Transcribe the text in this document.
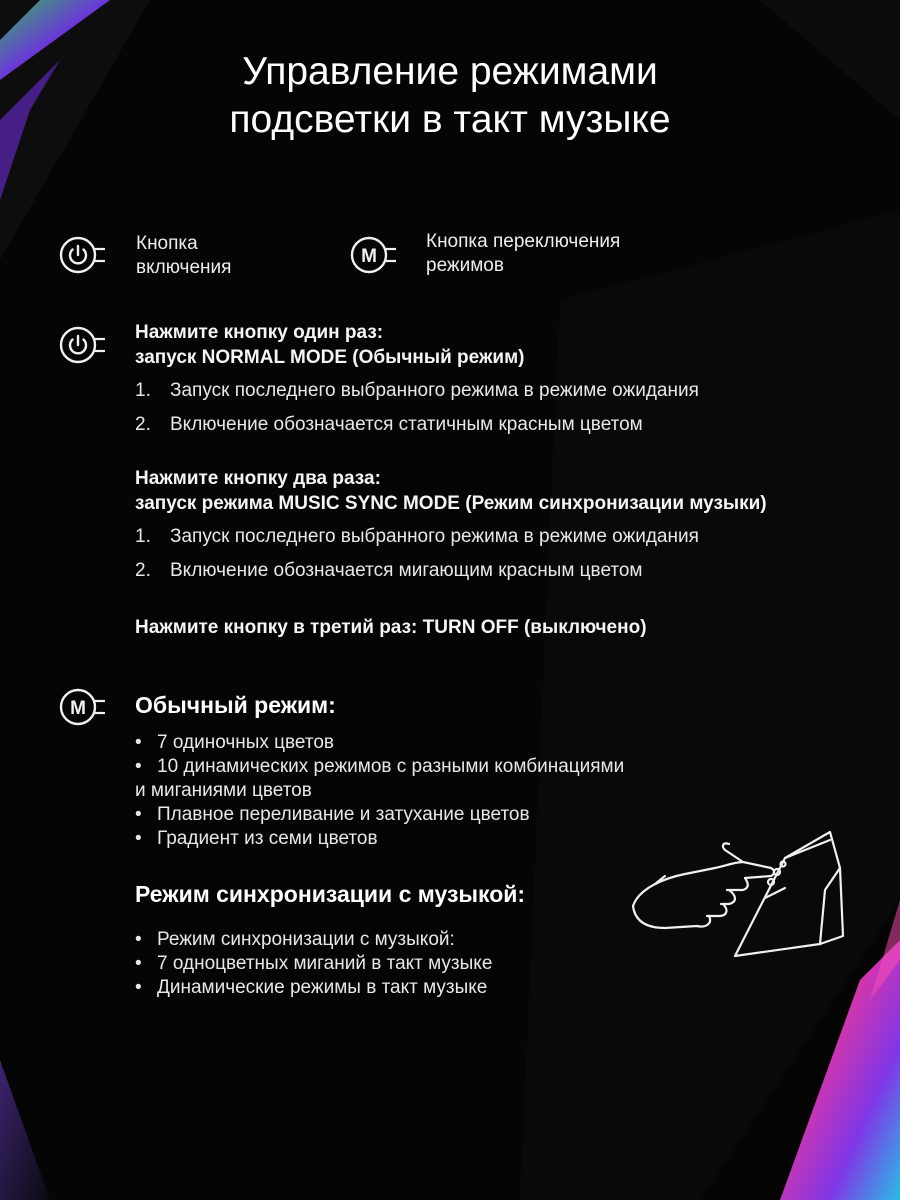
Управление режимами
подсветки в такт музыке
Кнопка
включения
M
Кнопка переключения
режимов
Нажмите кнопку один раз:
запуск NORMAL MODE (Обычный режим)
1.	Запуск последнего выбранного режима в режиме ожидания
2.	Включение обозначается статичным красным цветом
Нажмите кнопку два раза:
запуск режима MUSIC SYNC MODE (Режим синхронизации музыки)
1.	Запуск последнего выбранного режима в режиме ожидания
2.	Включение обозначается мигающим красным цветом
Нажмите кнопку в третий раз: TURN OFF (выключено)
M Обычный режим:
• 7 одиночных цветов
• 10 динамических режимов с разными комбинациями
и миганиями цветов
• Плавное переливание и затухание цветов
• Градиент из семи цветов
Режим синхронизации с музыкой:
• Режим синхронизации с музыкой:
• 7 одноцветных миганий в такт музыке
• Динамические режимы в такт музыке
